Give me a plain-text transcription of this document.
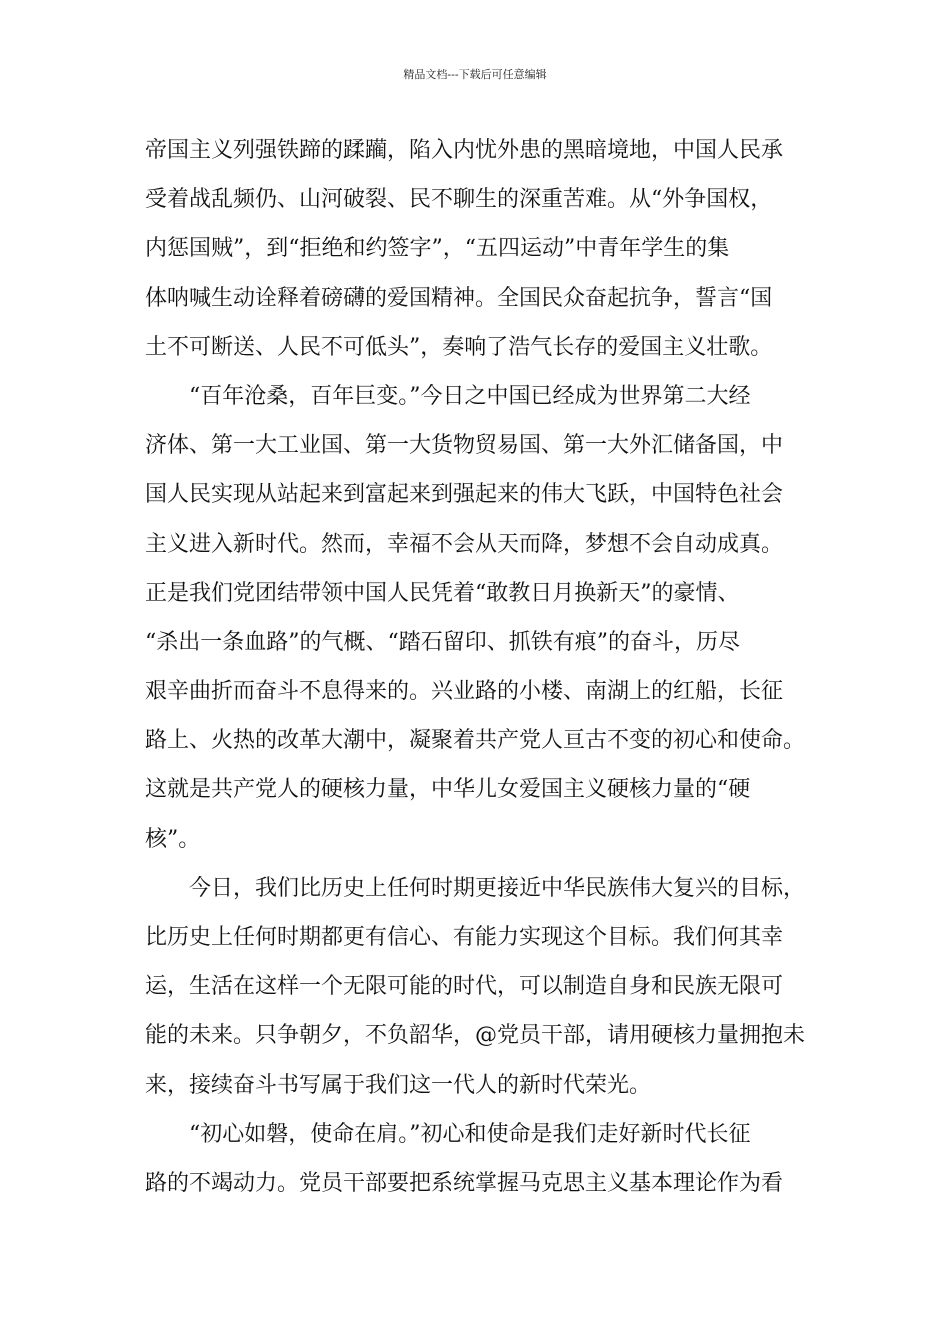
精品文档---下载后可任意编辑
帝国主义列强铁蹄的蹂躏，陷入内忧外患的黑暗境地，中国人民承
受着战乱频仍、山河破裂、民不聊生的深重苦难。从“外争国权，
内惩国贼”，到“拒绝和约签字”，“五四运动”中青年学生的集
体呐喊生动诠释着磅礴的爱国精神。全国民众奋起抗争，誓言“国
土不可断送、人民不可低头”，奏响了浩气长存的爱国主义壮歌。
“百年沧桑，百年巨变。”今日之中国已经成为世界第二大经
济体、第一大工业国、第一大货物贸易国、第一大外汇储备国，中
国人民实现从站起来到富起来到强起来的伟大飞跃，中国特色社会
主义进入新时代。然而，幸福不会从天而降，梦想不会自动成真。
正是我们党团结带领中国人民凭着“敢教日月换新天”的豪情、
“杀出一条血路”的气概、“踏石留印、抓铁有痕”的奋斗，历尽
艰辛曲折而奋斗不息得来的。兴业路的小楼、南湖上的红船，长征
路上、火热的改革大潮中，凝聚着共产党人亘古不变的初心和使命。
这就是共产党人的硬核力量，中华儿女爱国主义硬核力量的“硬
核”。
今日，我们比历史上任何时期更接近中华民族伟大复兴的目标，
比历史上任何时期都更有信心、有能力实现这个目标。我们何其幸
运，生活在这样一个无限可能的时代，可以制造自身和民族无限可
能的未来。只争朝夕，不负韶华，@党员干部，请用硬核力量拥抱未
来，接续奋斗书写属于我们这一代人的新时代荣光。
“初心如磐，使命在肩。”初心和使命是我们走好新时代长征
路的不竭动力。党员干部要把系统掌握马克思主义基本理论作为看
